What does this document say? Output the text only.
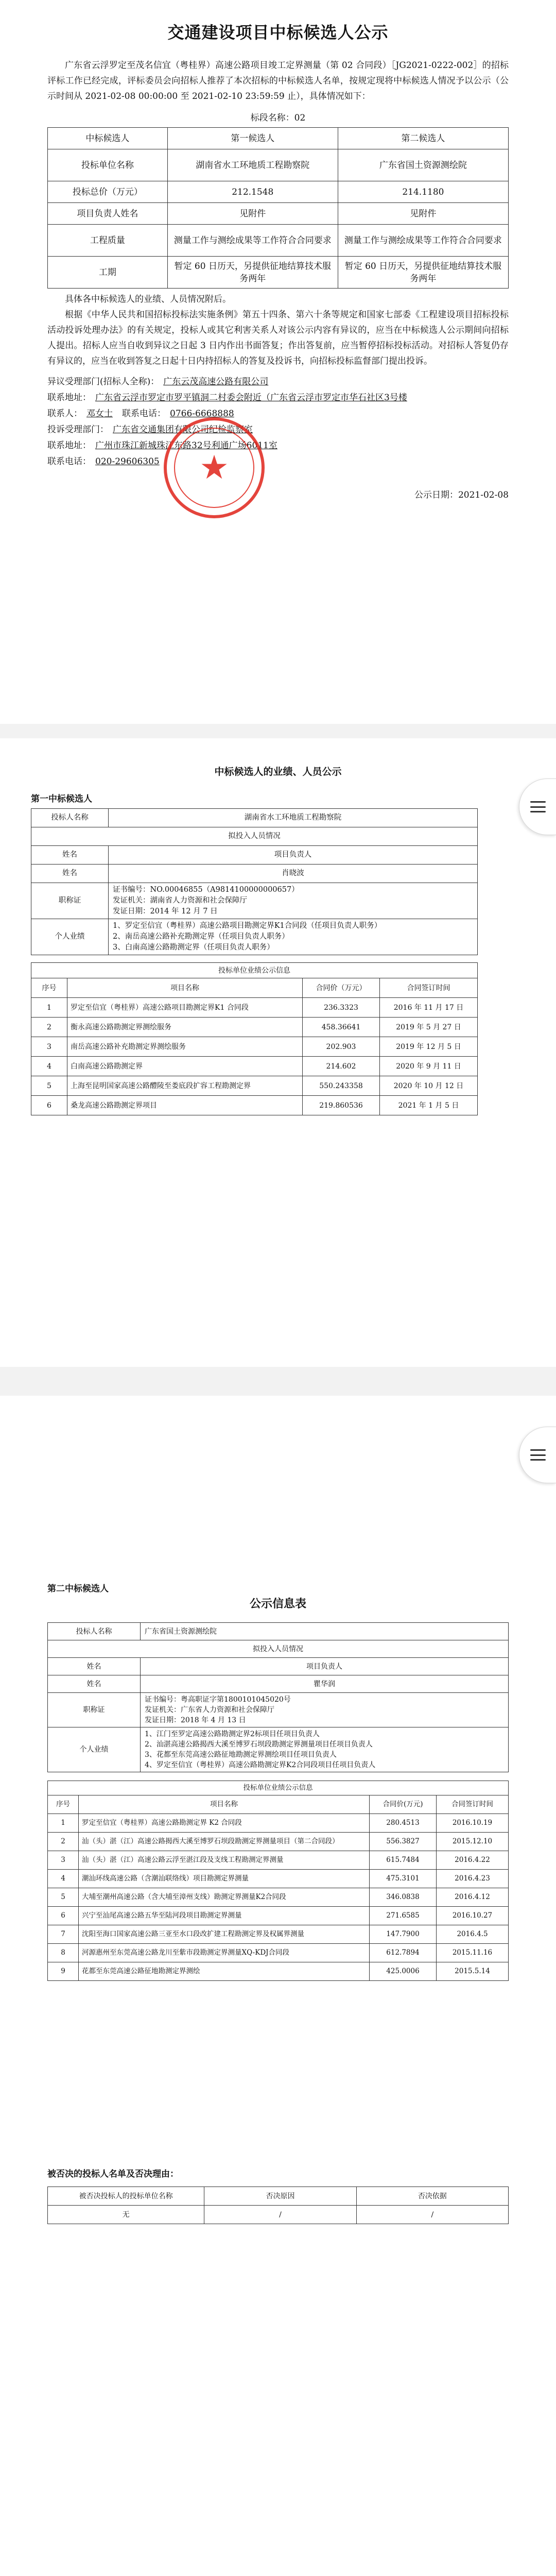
交通建设项目中标候选人公示

广东省云浮罗定至茂名信宜（粤桂界）高速公路项目竣工定界测量（第 02 合同段）［JG2021-0222-002］的招标评标工作已经完成，评标委员会向招标人推荐了本次招标的中标候选人名单，按规定现将中标候选人情况予以公示（公示时间从 2021-02-08 00:00:00 至 2021-02-10 23:59:59 止），具体情况如下：

标段名称：02
中标候选人	第一候选人	第二候选人
投标单位名称	湖南省水工环地质工程勘察院	广东省国土资源测绘院
投标总价（万元）	212.1548	214.1180
项目负责人姓名	见附件	见附件
工程质量	测量工作与测绘成果等工作符合合同要求	测量工作与测绘成果等工作符合合同要求
工期	暂定 60 日历天，另提供征地结算技术服务两年	暂定 60 日历天，另提供征地结算技术服务两年

具体各中标候选人的业绩、人员情况附后。

根据《中华人民共和国招标投标法实施条例》第五十四条、第六十条等规定和国家七部委《工程建设项目招标投标活动投诉处理办法》的有关规定，投标人或其它利害关系人对该公示内容有异议的，应当在中标候选人公示期间向招标人提出。招标人应当自收到异议之日起 3 日内作出书面答复；作出答复前，应当暂停招标投标活动。对招标人答复仍存有异议的，应当在收到答复之日起十日内持招标人的答复及投诉书，向招标投标监督部门提出投诉。

异议受理部门(招标人全称)： 广东云茂高速公路有限公司
联系地址： 广东省云浮市罗定市罗平镇洞二村委会附近（广东省云浮市罗定市华石社区3号楼
联系人： 邓女士	联系电话： 0766-6668888
投诉受理部门： 广东省交通集团有限公司纪检监察室
联系地址： 广州市珠江新城珠江东路32号利通广场6011室
联系电话： 020-29606305
公示日期：2021-02-08
★
中标候选人的业绩、人员公示
第一中标候选人
投标人名称	湖南省水工环地质工程勘察院
拟投入人员情况	
姓名	项目负责人
姓名	肖晓波
职称证	证书编号：NO.00046855（A9814100000000657）
发证机关：湖南省人力资源和社会保障厅
发证日期：2014 年 12 月 7 日

个人业绩	1、罗定至信宜（粤桂界）高速公路项目勘测定界K1合同段（任项目负责人职务）
2、南岳高速公路补充勘测定界（任项目负责人职务）
3、白南高速公路勘测定界（任项目负责人职务）
投标单位业绩公示信息			
序号	项目名称	合同价（万元）	合同签订时间
1	罗定至信宜（粤桂界）高速公路项目勘测定界K1 合同段	236.3323	2016 年 11 月 17 日
2	衡永高速公路勘测定界测绘服务	458.36641	2019 年 5 月 27 日
3	南岳高速公路补充勘测定界测绘服务	202.903	2019 年 12 月 5 日
4	白南高速公路勘测定界	214.602	2020 年 9 月 11 日
5	上海至昆明国家高速公路醴陵至娄底段扩容工程勘测定界	550.243358	2020 年 10 月 12 日
6	桑龙高速公路勘测定界项目	219.860536	2021 年 1 月 5 日
第二中标候选人
公示信息表
投标人名称	广东省国土资源测绘院
拟投入人员情况	
姓名	项目负责人
姓名	瞿华润
职称证	证书编号：粤高职证字第1800101045020号
发证机关：广东省人力资源和社会保障厅
发证日期：2018 年 4 月 13 日

个人业绩	1、江门至罗定高速公路勘测定界2标项目任项目负责人
2、汕湛高速公路揭西大溪至博罗石坝段勘测定界测量项目任项目负责人
3、花都至东莞高速公路征地勘测定界测绘项目任项目负责人
4、罗定至信宜（粤桂界）高速公路勘测定界K2合同段项目任项目负责人
投标单位业绩公示信息			
序号	项目名称	合同价(万元)	合同签订时间
1	罗定至信宜（粤桂界）高速公路勘测定界 K2 合同段	280.4513	2016.10.19
2	汕（头）湛（江）高速公路揭西大溪至博罗石坝段勘测定界测量项目（第二合同段）	556.3827	2015.12.10
3	汕（头）湛（江）高速公路云浮至湛江段及支线工程勘测定界测量	615.7484	2016.4.22
4	潮汕环线高速公路（含潮汕联络线）项目勘测定界测量	475.3101	2016.4.23
5	大埔至潮州高速公路（含大埔至漳州支线）勘测定界测量K2合同段	346.0838	2016.4.12
6	兴宁至汕尾高速公路五华至陆河段项目勘测定界测量	271.6585	2016.10.27
7	沈阳至海口国家高速公路三亚至水口段改扩建工程勘测定界及权属界测量	147.7900	2016.4.5
8	河源惠州至东莞高速公路龙川至紫市段勘测定界测量XQ-KDJ合同段	612.7894	2015.11.16
9	花都至东莞高速公路征地勘测定界测绘	425.0006	2015.5.14
被否决的投标人名单及否决理由：
被否决投标人的投标单位名称	否决原因	否决依据
无	/	/
